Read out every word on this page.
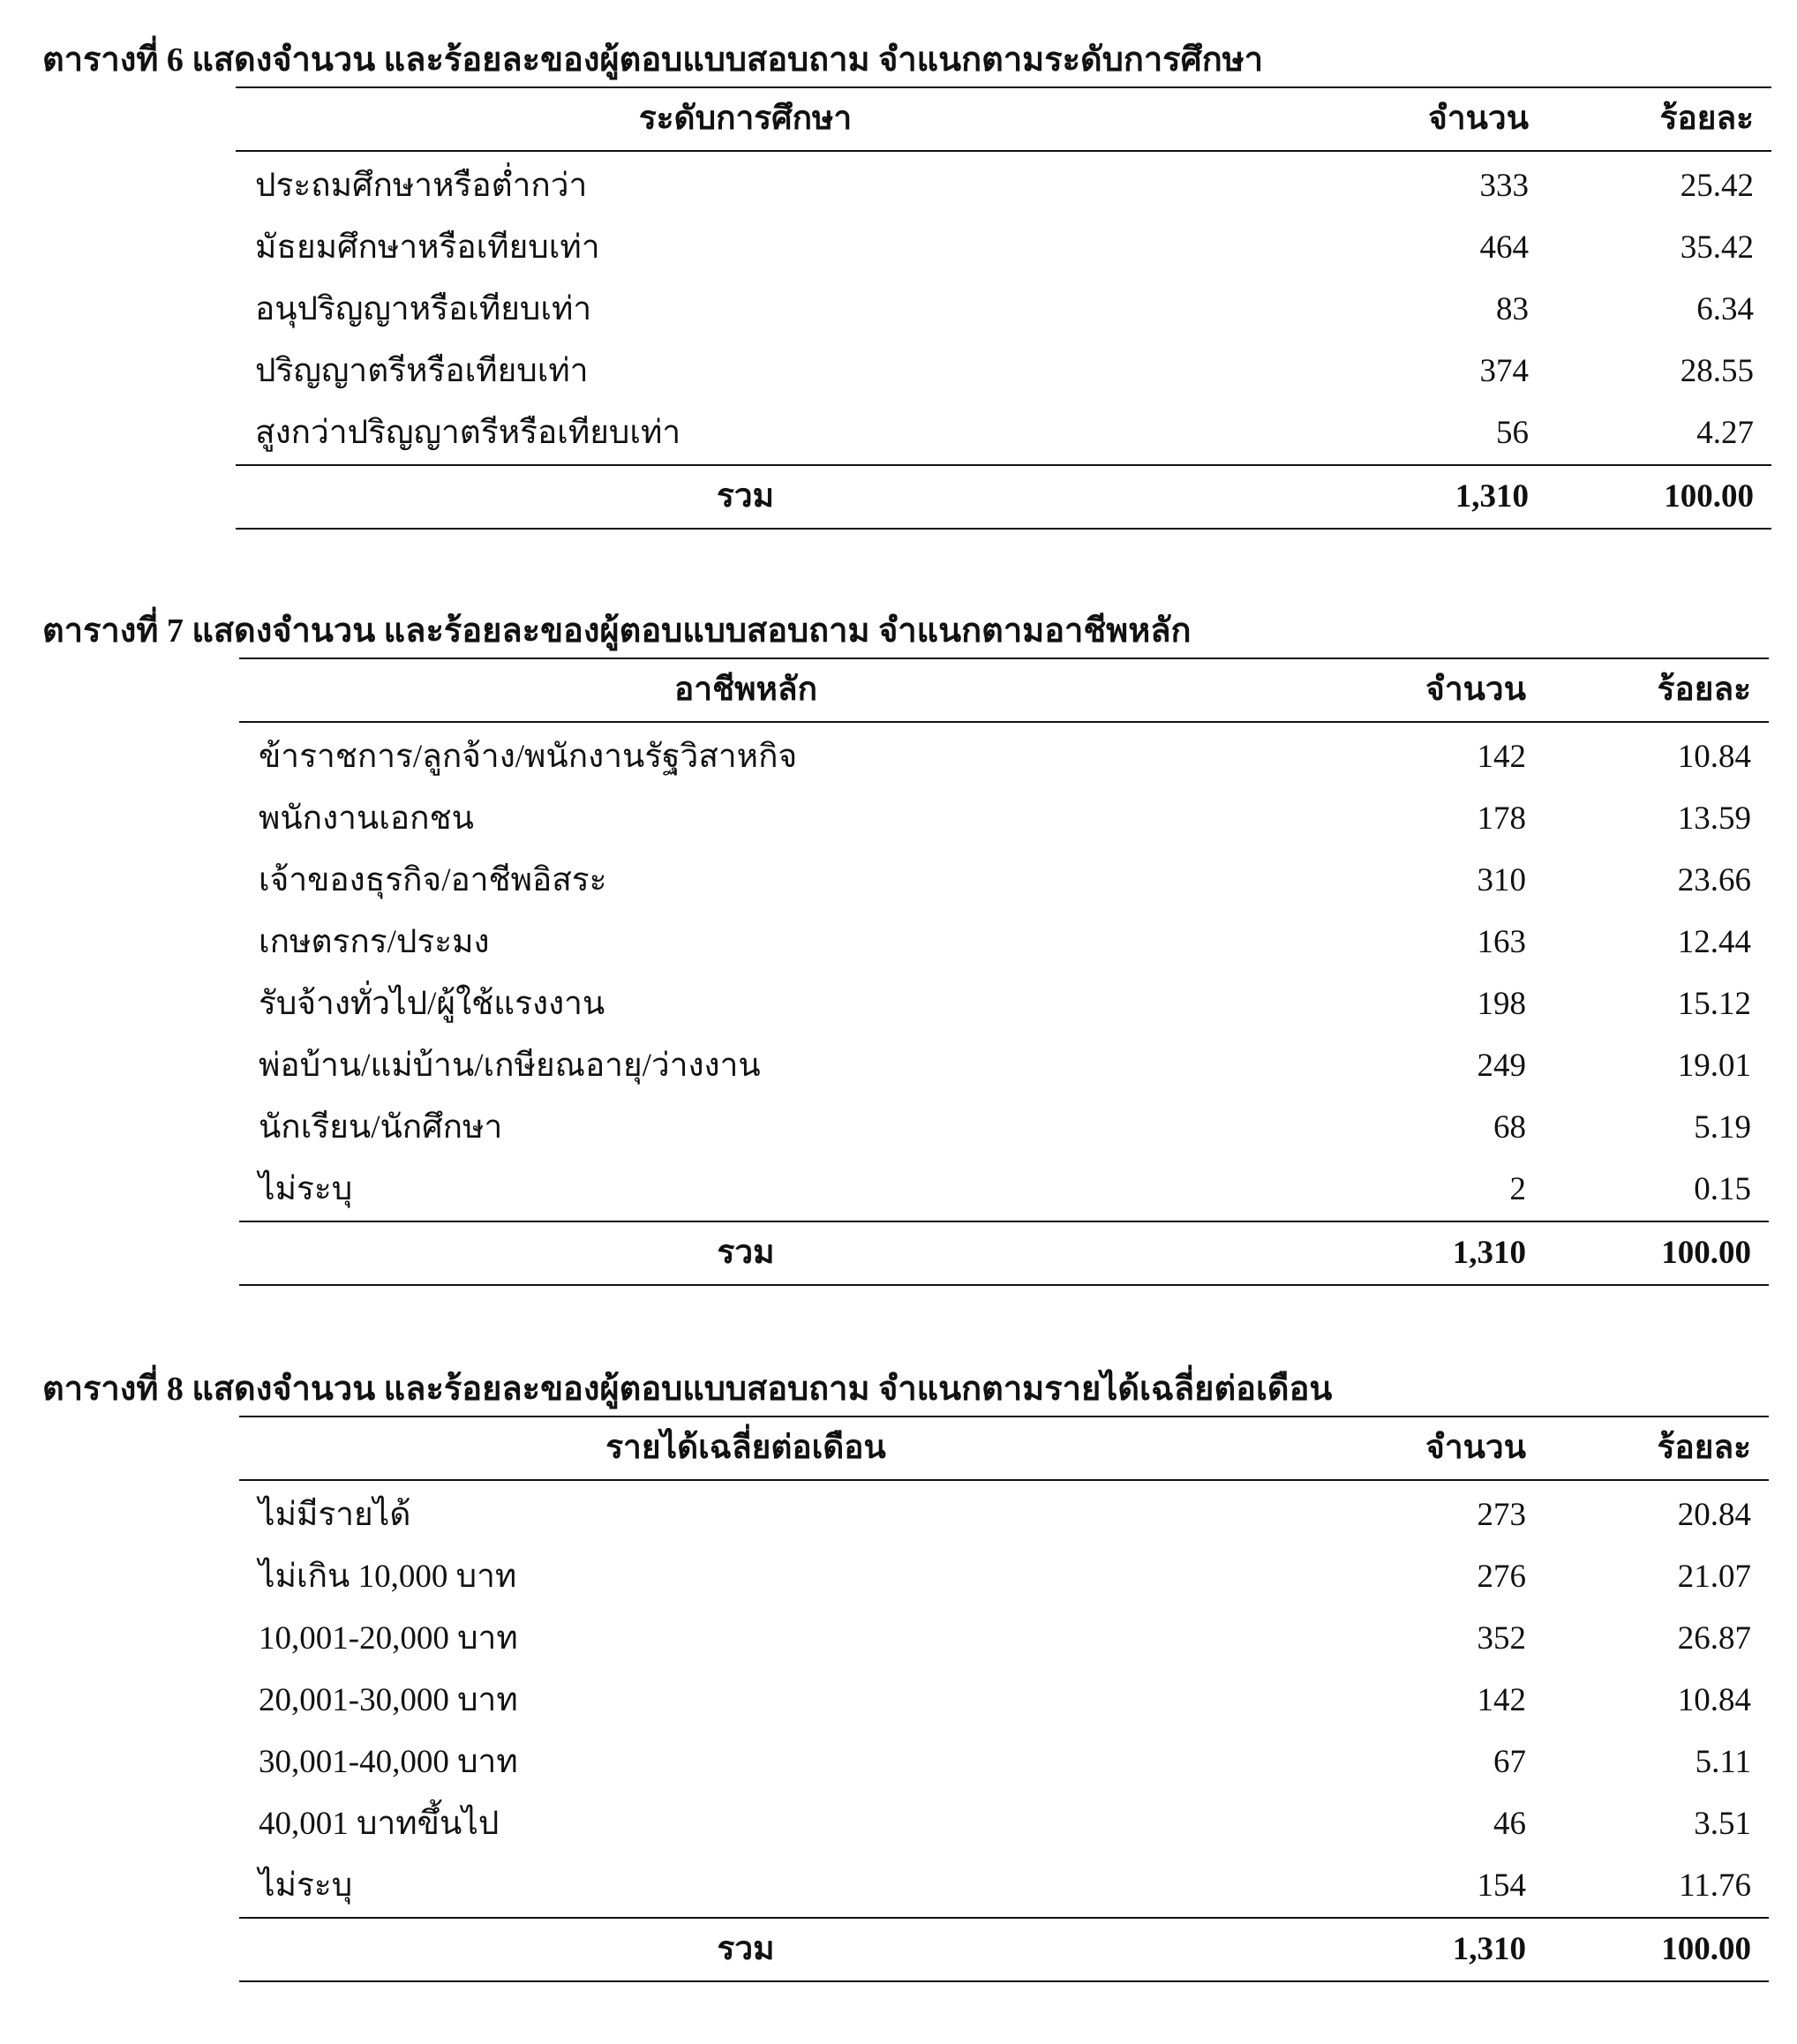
ตารางที่ 6 แสดงจำนวน และร้อยละของผู้ตอบแบบสอบถาม จำแนกตามระดับการศึกษา
ระดับการศึกษา	จำนวน	ร้อยละ
ประถมศึกษาหรือต่ำกว่า	333	25.42
มัธยมศึกษาหรือเทียบเท่า	464	35.42
อนุปริญญาหรือเทียบเท่า	83	6.34
ปริญญาตรีหรือเทียบเท่า	374	28.55
สูงกว่าปริญญาตรีหรือเทียบเท่า	56	4.27
รวม	1,310	100.00
ตารางที่ 7 แสดงจำนวน และร้อยละของผู้ตอบแบบสอบถาม จำแนกตามอาชีพหลัก
อาชีพหลัก	จำนวน	ร้อยละ
ข้าราชการ/ลูกจ้าง/พนักงานรัฐวิสาหกิจ	142	10.84
พนักงานเอกชน	178	13.59
เจ้าของธุรกิจ/อาชีพอิสระ	310	23.66
เกษตรกร/ประมง	163	12.44
รับจ้างทั่วไป/ผู้ใช้แรงงาน	198	15.12
พ่อบ้าน/แม่บ้าน/เกษียณอายุ/ว่างงาน	249	19.01
นักเรียน/นักศึกษา	68	5.19
ไม่ระบุ	2	0.15
รวม	1,310	100.00
ตารางที่ 8 แสดงจำนวน และร้อยละของผู้ตอบแบบสอบถาม จำแนกตามรายได้เฉลี่ยต่อเดือน
รายได้เฉลี่ยต่อเดือน	จำนวน	ร้อยละ
ไม่มีรายได้	273	20.84
ไม่เกิน 10,000 บาท	276	21.07
10,001-20,000 บาท	352	26.87
20,001-30,000 บาท	142	10.84
30,001-40,000 บาท	67	5.11
40,001 บาทขึ้นไป	46	3.51
ไม่ระบุ	154	11.76
รวม	1,310	100.00
